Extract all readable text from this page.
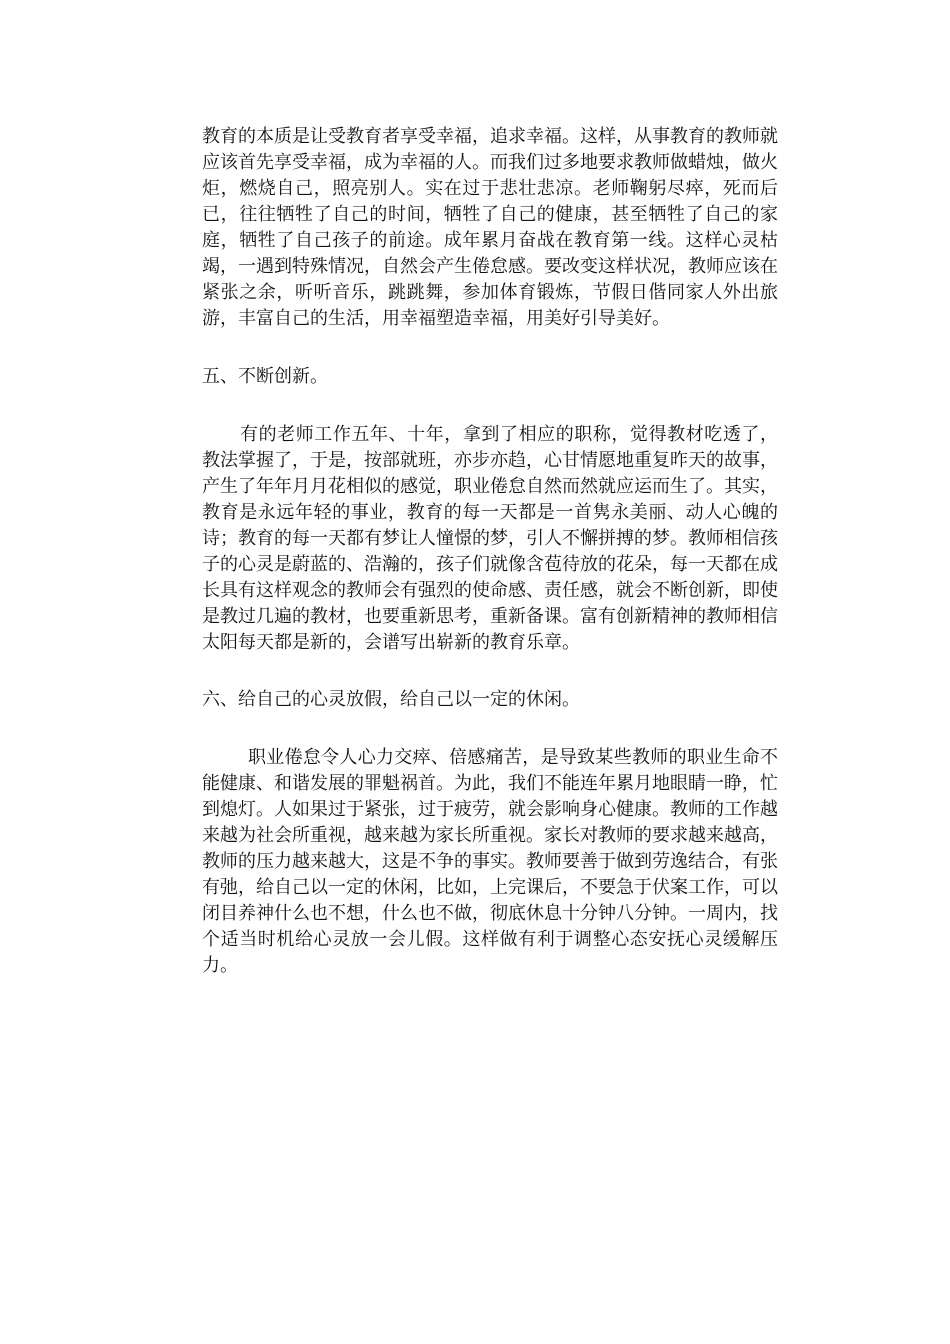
教育的本质是让受教育者享受幸福，追求幸福。这样，从事教育的教师就应该首先享受幸福，成为幸福的人。而我们过多地要求教师做蜡烛，做火炬，燃烧自己，照亮别人。实在过于悲壮悲凉。老师鞠躬尽瘁，死而后已，往往牺牲了自己的时间，牺牲了自己的健康，甚至牺牲了自己的家庭，牺牲了自己孩子的前途。成年累月奋战在教育第一线。这样心灵枯竭，一遇到特殊情况，自然会产生倦怠感。要改变这样状况，教师应该在紧张之余，听听音乐，跳跳舞，参加体育锻炼，节假日偕同家人外出旅游，丰富自己的生活，用幸福塑造幸福，用美好引导美好。

五、不断创新。

有的老师工作五年、十年，拿到了相应的职称，觉得教材吃透了，教法掌握了，于是，按部就班，亦步亦趋，心甘情愿地重复昨天的故事，产生了年年月月花相似的感觉，职业倦怠自然而然就应运而生了。其实，教育是永远年轻的事业，教育的每一天都是一首隽永美丽、动人心魄的诗；教育的每一天都有梦让人憧憬的梦，引人不懈拼搏的梦。教师相信孩子的心灵是蔚蓝的、浩瀚的，孩子们就像含苞待放的花朵，每一天都在成长具有这样观念的教师会有强烈的使命感、责任感，就会不断创新，即使是教过几遍的教材，也要重新思考，重新备课。富有创新精神的教师相信太阳每天都是新的，会谱写出崭新的教育乐章。

六、给自己的心灵放假，给自己以一定的休闲。

职业倦怠令人心力交瘁、倍感痛苦，是导致某些教师的职业生命不能健康、和谐发展的罪魁祸首。为此，我们不能连年累月地眼睛一睁，忙到熄灯。人如果过于紧张，过于疲劳，就会影响身心健康。教师的工作越来越为社会所重视，越来越为家长所重视。家长对教师的要求越来越高，教师的压力越来越大，这是不争的事实。教师要善于做到劳逸结合，有张有弛，给自己以一定的休闲，比如，上完课后，不要急于伏案工作，可以闭目养神什么也不想，什么也不做，彻底休息十分钟八分钟。一周内，找个适当时机给心灵放一会儿假。这样做有利于调整心态安抚心灵缓解压力。
